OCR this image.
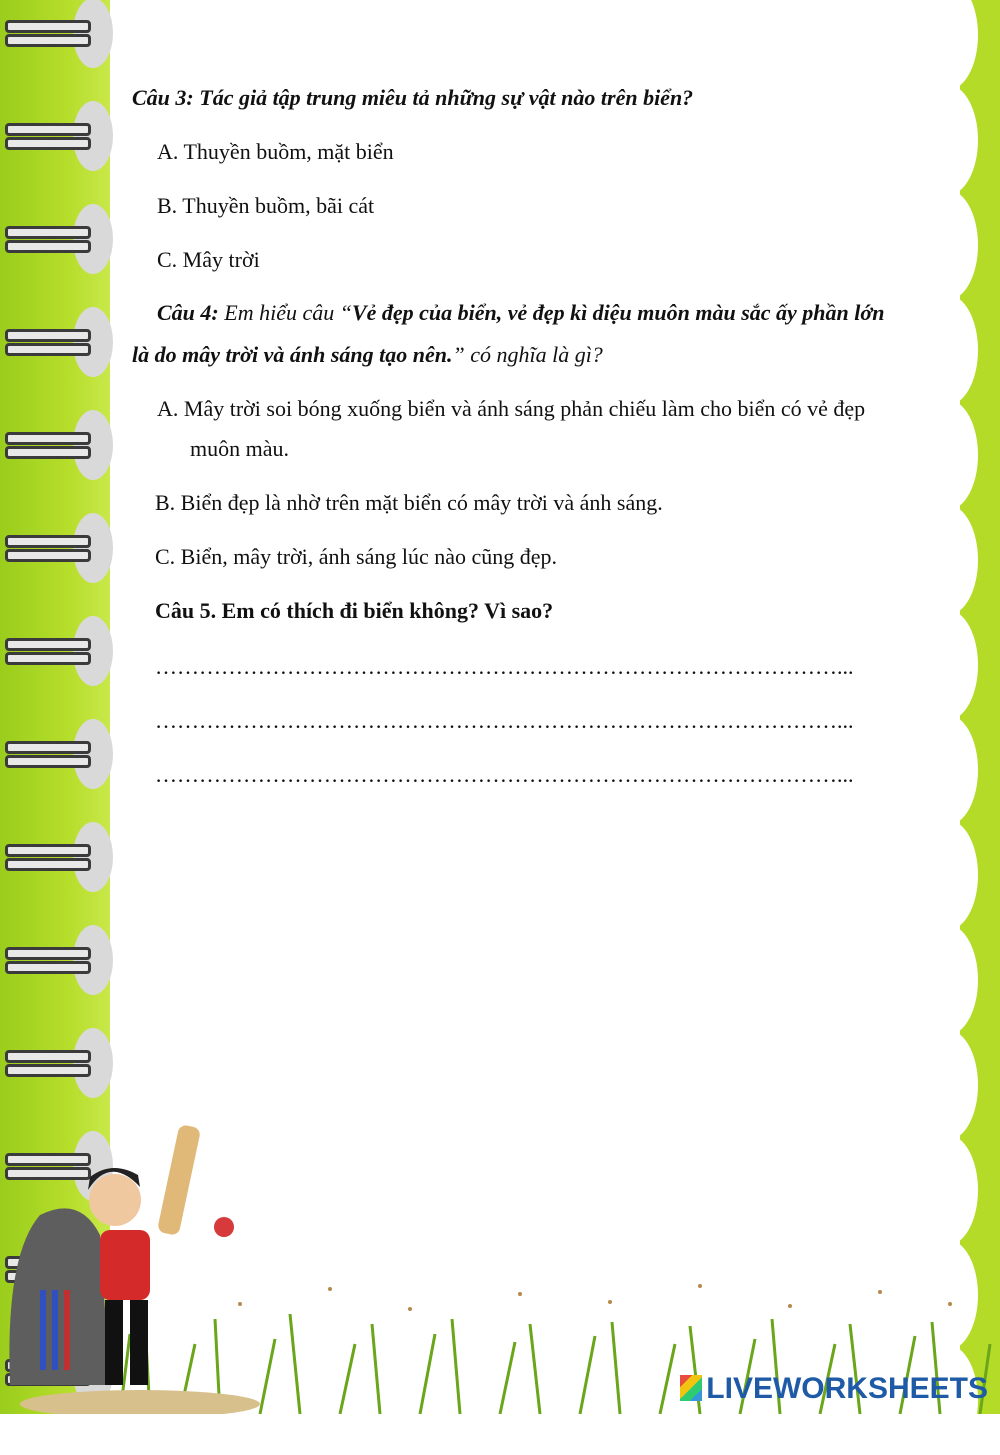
Câu 3: Tác giả tập trung miêu tả những sự vật nào trên biển?
A. Thuyền buồm, mặt biển
B. Thuyền buồm, bãi cát
C. Mây trời
Câu 4: Em hiểu câu “Vẻ đẹp của biển, vẻ đẹp kì diệu muôn màu sắc ấy phần lớn
là do mây trời và ánh sáng tạo nên.” có nghĩa là gì?
A. Mây trời soi bóng xuống biển và ánh sáng phản chiếu làm cho biển có vẻ đẹp
muôn màu.
B. Biển đẹp là nhờ trên mặt biển có mây trời và ánh sáng.
C. Biển, mây trời, ánh sáng lúc nào cũng đẹp.
Câu 5. Em có thích đi biển không? Vì sao?
…………………………………………………………………………………...
…………………………………………………………………………………...
…………………………………………………………………………………...
LIVEWORKSHEETS
